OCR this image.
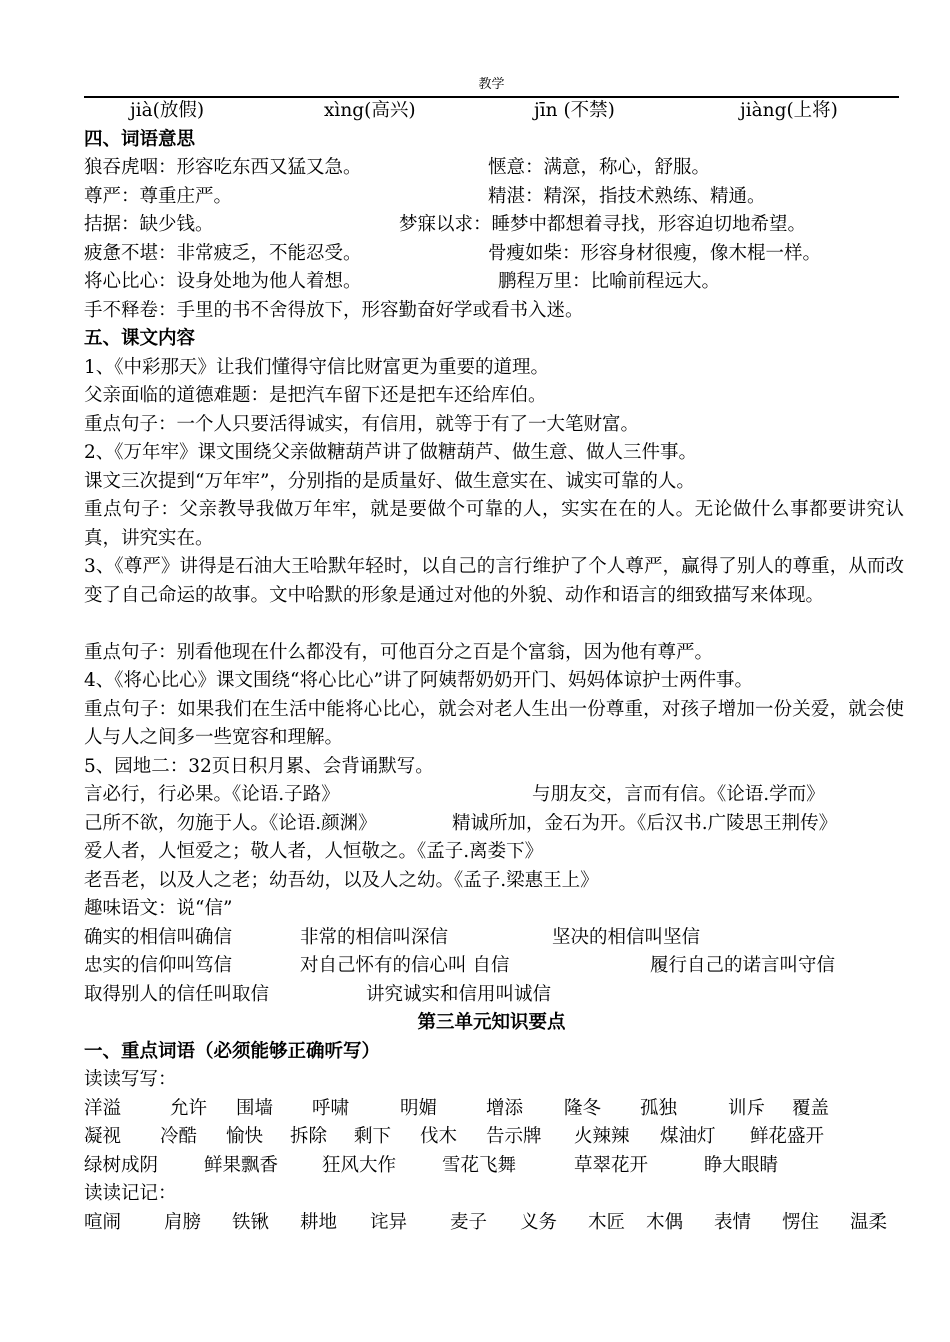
教学
jià(放假)	xìng(高兴)	jīn (不禁)	jiàng(上将)
四、词语意思
狼吞虎咽：形容吃东西又猛又急。	惬意：满意，称心，舒服。
尊严：尊重庄严。	精湛：精深，指技术熟练、精通。
拮据：缺少钱。	梦寐以求：睡梦中都想着寻找，形容迫切地希望。
疲惫不堪：非常疲乏，不能忍受。	骨瘦如柴：形容身材很瘦，像木棍一样。
将心比心：设身处地为他人着想。	鹏程万里：比喻前程远大。
手不释卷：手里的书不舍得放下，形容勤奋好学或看书入迷。
五、课文内容
1、《中彩那天》让我们懂得守信比财富更为重要的道理。
父亲面临的道德难题：是把汽车留下还是把车还给库伯。
重点句子：一个人只要活得诚实，有信用，就等于有了一大笔财富。
2、《万年牢》课文围绕父亲做糖葫芦讲了做糖葫芦、做生意、做人三件事。
课文三次提到“万年牢”，分别指的是质量好、做生意实在、诚实可靠的人。
重点句子：父亲教导我做万年牢，就是要做个可靠的人，实实在在的人。无论做什么事都要讲究认真，讲究实在。
3、《尊严》讲得是石油大王哈默年轻时，以自己的言行维护了个人尊严，赢得了别人的尊重，从而改变了自己命运的故事。文中哈默的形象是通过对他的外貌、动作和语言的细致描写来体现。
重点句子：别看他现在什么都没有，可他百分之百是个富翁，因为他有尊严。
4、《将心比心》课文围绕“将心比心”讲了阿姨帮奶奶开门、妈妈体谅护士两件事。
重点句子：如果我们在生活中能将心比心，就会对老人生出一份尊重，对孩子增加一份关爱，就会使人与人之间多一些宽容和理解。
5、园地二：32页日积月累、会背诵默写。
言必行，行必果。《论语.子路》	与朋友交，言而有信。《论语.学而》
己所不欲，勿施于人。《论语.颜渊》	精诚所加，金石为开。《后汉书.广陵思王荆传》
爱人者，人恒爱之；敬人者，人恒敬之。《孟子.离娄下》
老吾老，以及人之老；幼吾幼，以及人之幼。《孟子.梁惠王上》
趣味语文：说“信”
确实的相信叫确信	非常的相信叫深信	坚决的相信叫坚信
忠实的信仰叫笃信	对自己怀有的信心叫 自信	履行自己的诺言叫守信
取得别人的信任叫取信	讲究诚实和信用叫诚信
第三单元知识要点
一、重点词语（必须能够正确听写）
读读写写：
洋溢	允许 围墙 呼啸	明媚	增添 隆冬 孤独	训斥 覆盖
凝视 冷酷 愉快 拆除 剩下 伐木 告示牌 火辣辣 煤油灯 鲜花盛开
绿树成阴 鲜果飘香 狂风大作 雪花飞舞	草翠花开	睁大眼睛
读读记记：
喧闹 肩膀 铁锹 耕地 诧异 麦子 义务 木匠 木偶 表情 愣住 温柔
